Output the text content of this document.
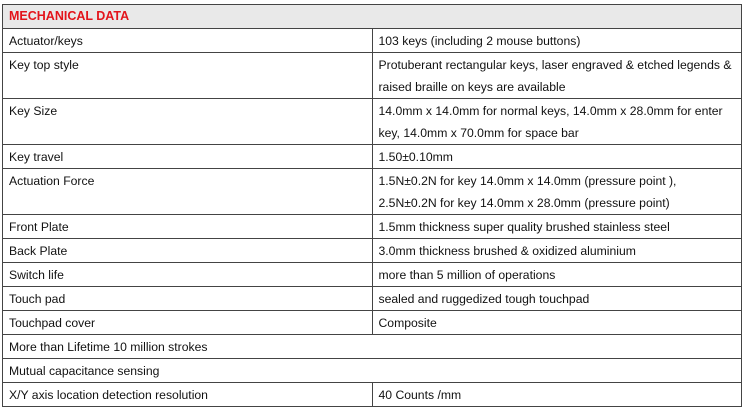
MECHANICAL DATA	
Actuator/keys	103 keys (including 2 mouse buttons)
Key top style	Protuberant rectangular keys, laser engraved & etched legends & raised braille on keys are available
Key Size	14.0mm x 14.0mm for normal keys, 14.0mm x 28.0mm for enter key, 14.0mm x 70.0mm for space bar
Key travel	1.50±0.10mm
Actuation Force	1.5N±0.2N for key 14.0mm x 14.0mm (pressure point ), 2.5N±0.2N for key 14.0mm x 28.0mm (pressure point)
Front Plate	1.5mm thickness super quality brushed stainless steel
Back Plate	3.0mm thickness brushed & oxidized aluminium
Switch life	more than 5 million of operations
Touch pad	sealed and ruggedized tough touchpad
Touchpad cover	Composite
More than Lifetime 10 million strokes	
Mutual capacitance sensing	
X/Y axis location detection resolution	40 Counts /mm
